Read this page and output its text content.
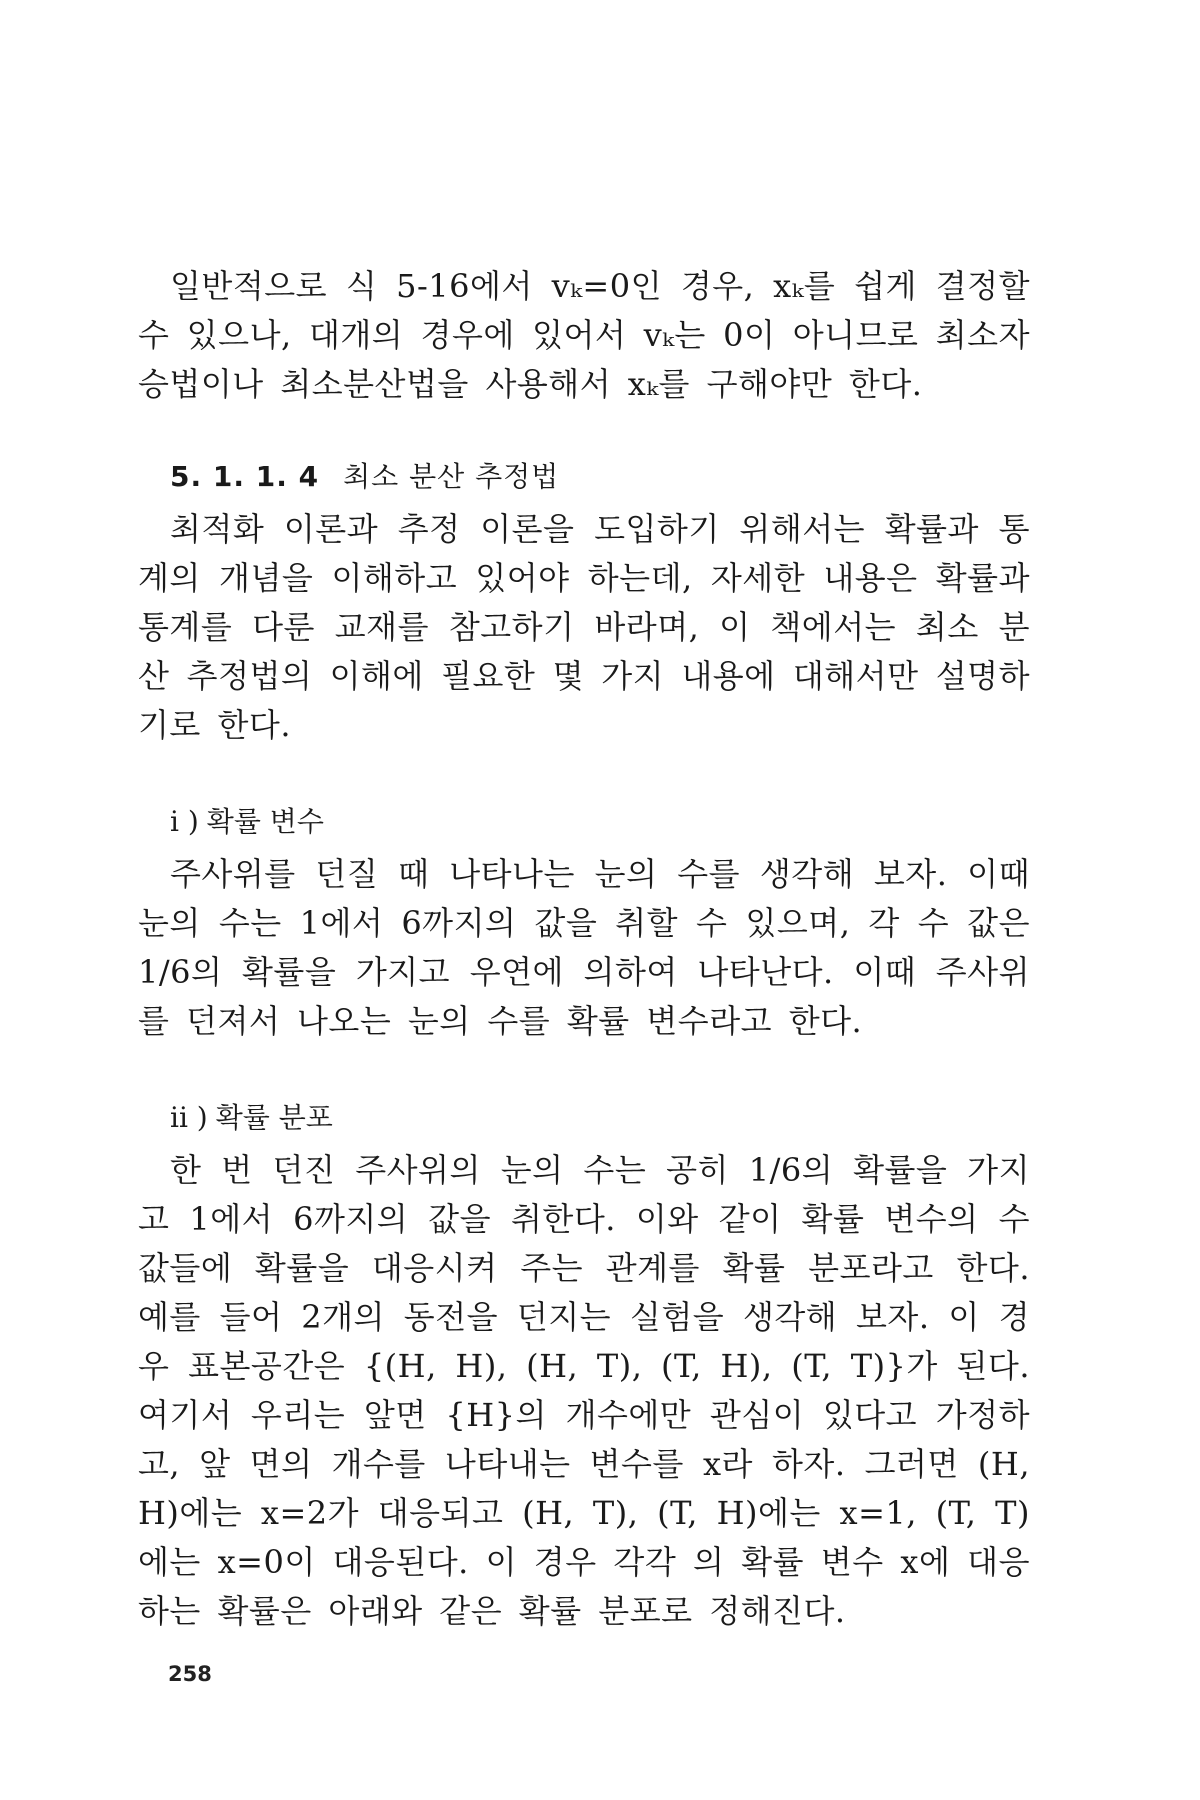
일반적으로 식 5-16에서 vₖ=0인 경우, xₖ를 쉽게 결정할 수 있으나, 대개의 경우에 있어서 vₖ는 0이 아니므로 최소자승법이나 최소분산법을 사용해서 xₖ를 구해야만 한다.

5. 1. 1. 4 최소 분산 추정법

최적화 이론과 추정 이론을 도입하기 위해서는 확률과 통계의 개념을 이해하고 있어야 하는데, 자세한 내용은 확률과 통계를 다룬 교재를 참고하기 바라며, 이 책에서는 최소 분산 추정법의 이해에 필요한 몇 가지 내용에 대해서만 설명하기로 한다.

i ) 확률 변수

주사위를 던질 때 나타나는 눈의 수를 생각해 보자. 이때 눈의 수는 1에서 6까지의 값을 취할 수 있으며, 각 수 값은 1/6의 확률을 가지고 우연에 의하여 나타난다. 이때 주사위를 던져서 나오는 눈의 수를 확률 변수라고 한다.

ii ) 확률 분포

한 번 던진 주사위의 눈의 수는 공히 1/6의 확률을 가지고 1에서 6까지의 값을 취한다. 이와 같이 확률 변수의 수 값들에 확률을 대응시켜 주는 관계를 확률 분포라고 한다. 예를 들어 2개의 동전을 던지는 실험을 생각해 보자. 이 경우 표본공간은 {(H, H), (H, T), (T, H), (T, T)}가 된다. 여기서 우리는 앞면 {H}의 개수에만 관심이 있다고 가정하고, 앞 면의 개수를 나타내는 변수를 x라 하자. 그러면 (H, H)에는 x=2가 대응되고 (H, T), (T, H)에는 x=1, (T, T)에는 x=0이 대응된다. 이 경우 각각 의 확률 변수 x에 대응하는 확률은 아래와 같은 확률 분포로 정해진다.

258
